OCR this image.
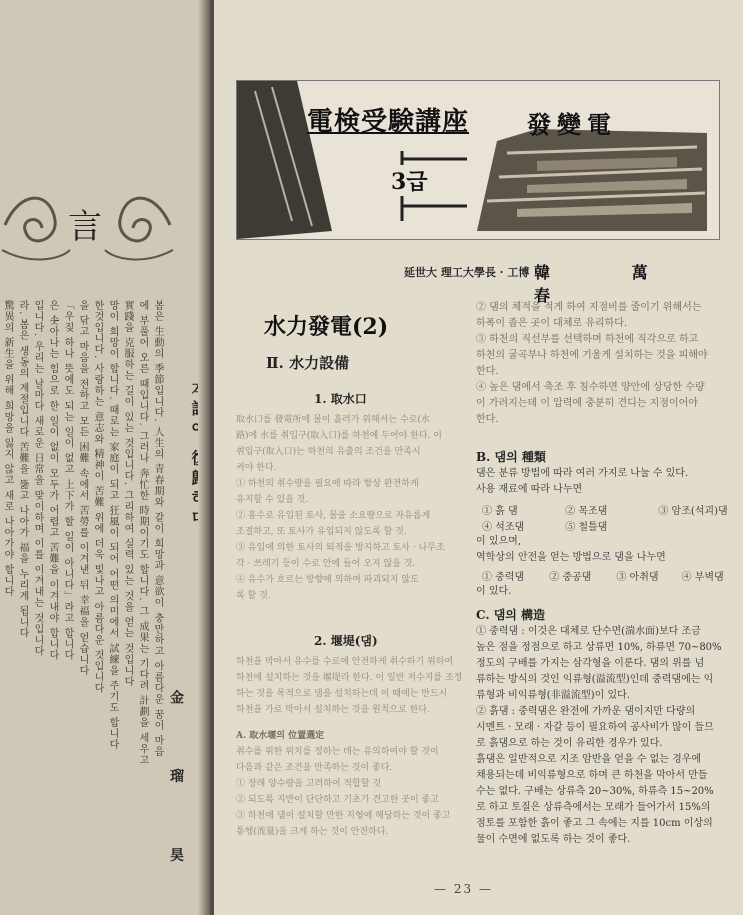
言
봄은 生動의 季節입니다. 人生의 青春期와 같이 희망과 意欲이 충만하고 아름다운 꿈이 마음
에 부풀어 오른 때입니다. 그러나 奔忙한 時期이기도 합니다. 그 成果는 기다려 計劃을 세우고
實踐을 克服하는 길이 있는 것입니다. 그리하여 실력 있는 것을 얻는 것입니다
망이 희망이 합니다. 때로는 家庭이 되고 狂風이 되어 어떤 의미에서 試練을 주기도 합니다
한것입니다. 사랑하는 意志와 精神이 苦難 위에 더욱 빛나고 아름다운 것입니다
을 닦고 마음을 전하고 모든 困難 속에서 苦勞를 이겨낸 뒤 幸福을 얻습니다
「우짖 하나 뜻에도 되는 일이 없고 上下가 할 일이 아니다」라고 합니다
은 솟아나는 힘으로 한 일이 없이 모두가 어렵고 苦難을 이겨내야 합니다
입니다. 우리는 날마다 새로운 日常을 맞이하며 이를 이겨내는 것입니다
라. 봄은 생동의 계절입니다 苦難을 뚫고 나아가 福을 누리게 됩니다
驚異의 新生을 위해 희망을 잃지 않고 새로 나아가야 합니다
金 瑠 昊
電検受験講座 發變電
3급
延世大 理工大學長 · 工博 韓 萬 春
水力發電(2)
Ⅱ. 水力設備
1. 取水口
取水口를 發電所에 물이 흘러가 위해서는 수로(水
路)에 水를 취입구(取入口)를 하천에 두어야 한다. 이
취입구(取入口)는 하천의 유출의 조건을 만족시
켜야 한다.
① 하천의 취수량을 필요에 따라 항상 완전하게
유지할 수 있을 것.
② 홍수로 유입된 토사, 물을 소요량으로 자유롭게
조절하고, 또 토사가 유입되지 않도록 할 것.
③ 유입에 의한 토사의 퇴적을 방지하고 토사 · 나무조
각 · 쓰레기 등이 수로 안에 들어 오지 않을 것.
④ 유수가 흐르는 방향에 의하여 파괴되지 않도
록 할 것.
2. 堰堤(댐)
하천을 막아서 유수를 수로에 안전하게 취수하기 위하여
하천에 설치하는 것을 堰堤라 한다. 이 일반 저수지를 조정
하는 것을 목적으로 댐을 설치하는데 이 때에는 반드시
하천을 가로 막아서 설치하는 것을 원칙으로 한다.
A. 取水堰의 位置選定
취수를 위한 위치를 정하는 데는 유의하여야 할 것이
다음과 같은 조건을 만족하는 것이 좋다.
① 장래 양수량을 고려하여 적합할 것
② 되도록 지반이 단단하고 기초가 견고한 곳이 좋고
③ 하천에 댐이 설치할 만한 지형에 해당하는 것이 좋고
통행(流量)을 크게 하는 것이 안전하다.
② 댐의 체적을 적게 하여 지점비를 줄이기 위해서는
하폭이 좁은 곳이 대체로 유리하다.
③ 하천의 직선부를 선택하며 하천에 직각으로 하고
하천의 굴곡부나 하천에 기울게 설치하는 것을 피해야
한다.
④ 높은 댐에서 축조 후 침수하면 양안에 상당한 수량
이 가려지는데 이 압력에 충분히 견디는 지점이어야
한다.
B. 댐의 種類
댐은 분류 방법에 따라 여러 가지로 나눌 수 있다.
사용 재료에 따라 나누면
① 흙 댐	② 목조댐	③ 암조(석괴)댐
④ 석조댐	⑤ 철틀댐
이 있으며,
역학상의 안전을 얻는 방법으로 댐을 나누면
① 중력댐	② 중공댐	③ 아취댐 ④ 부벽댐
이 있다.
C. 댐의 構造
① 중력댐 : 이것은 대체로 단수면(湍水面)보다 조금
높은 점을 정점으로 하고 상류면 10%, 하류면 70~80%
정도의 구배를 가지는 삼각형을 이룬다. 댐의 위를 넘
류하는 방식의 것인 익류형(溢流型)인데 중력댐에는 익
류형과 비익류형(非溢流型)이 있다.
② 흙댐 : 중력댐은 완전에 가까운 댐이지만 다량의
시멘트 · 모래 · 자갈 등이 필요하여 공사비가 많이 들므
로 흙댐으로 하는 것이 유리한 경우가 있다.
흙댐은 일반적으로 지조 암반을 얻을 수 없는 경우에
채용되는데 비익류형으로 하며 큰 하천을 막아서 만들
수는 없다. 구배는 상류측 20~30%, 하류측 15~20%
로 하고 토질은 상류측에서는 모래가 들어가서 15%의
점토를 포함한 흙이 좋고 그 속에는 지를 10cm 이상의
물이 수면에 없도록 하는 것이 좋다.
— 23 —
